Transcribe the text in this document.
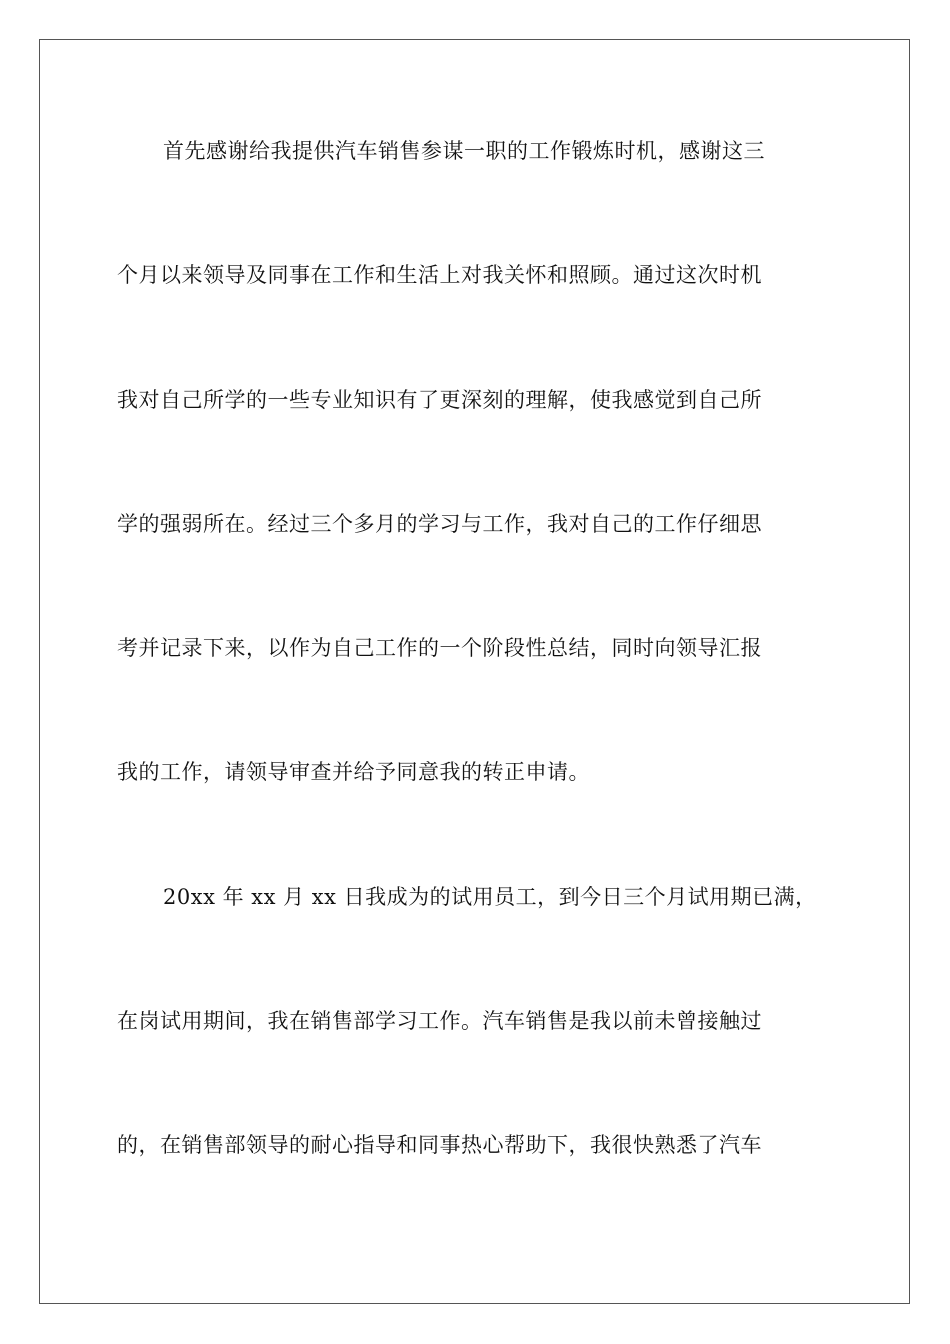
首先感谢给我提供汽车销售参谋一职的工作锻炼时机，感谢这三
个月以来领导及同事在工作和生活上对我关怀和照顾。通过这次时机
我对自己所学的一些专业知识有了更深刻的理解，使我感觉到自己所
学的强弱所在。经过三个多月的学习与工作，我对自己的工作仔细思
考并记录下来，以作为自己工作的一个阶段性总结，同时向领导汇报
我的工作，请领导审查并给予同意我的转正申请。
20xx 年 xx 月 xx 日我成为的试用员工，到今日三个月试用期已满，
在岗试用期间，我在销售部学习工作。汽车销售是我以前未曾接触过
的，在销售部领导的耐心指导和同事热心帮助下，我很快熟悉了汽车
